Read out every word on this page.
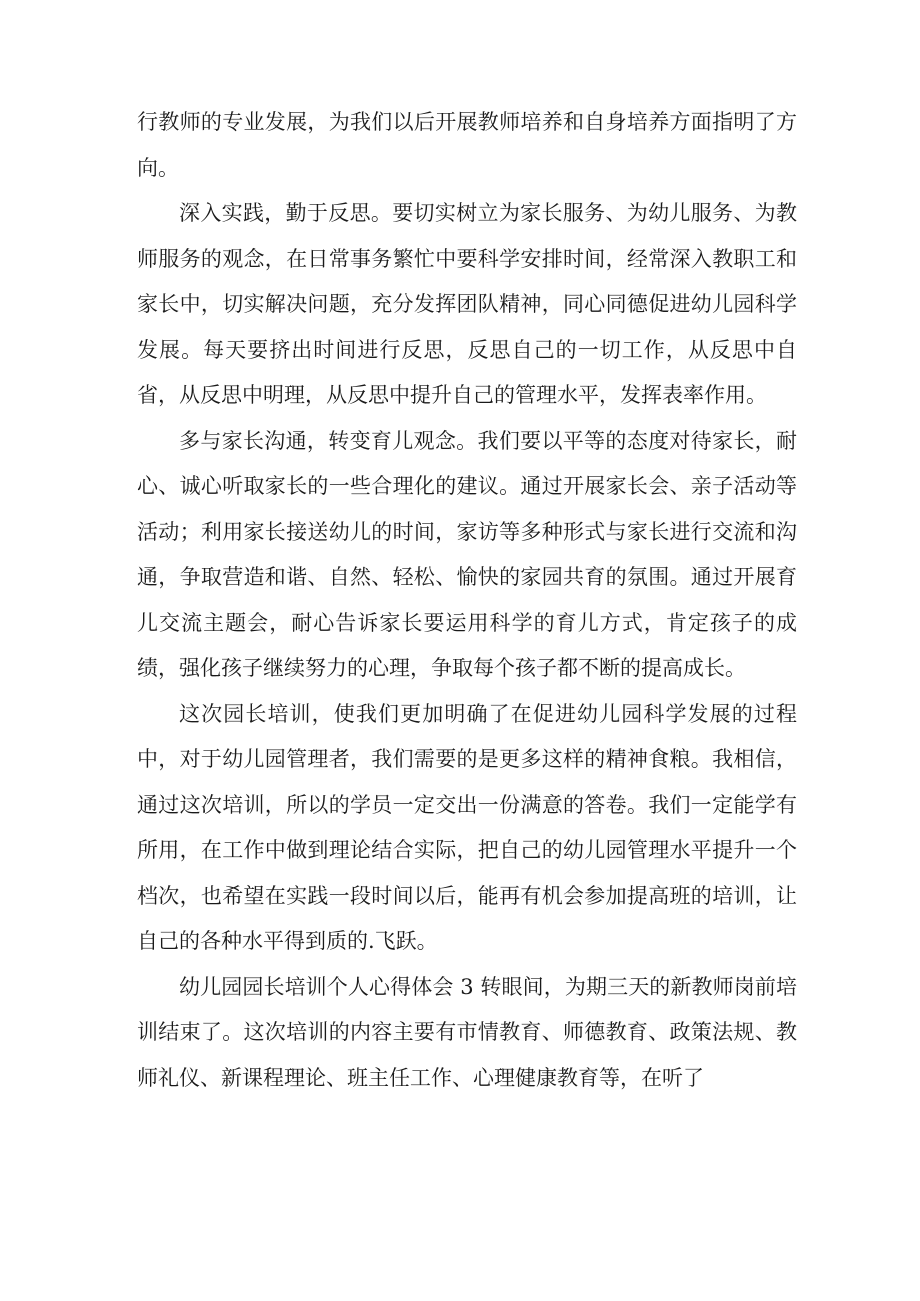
行教师的专业发展，为我们以后开展教师培养和自身培养方面指明了方向。

深入实践，勤于反思。要切实树立为家长服务、为幼儿服务、为教师服务的观念，在日常事务繁忙中要科学安排时间，经常深入教职工和家长中，切实解决问题，充分发挥团队精神，同心同德促进幼儿园科学发展。每天要挤出时间进行反思，反思自己的一切工作，从反思中自省，从反思中明理，从反思中提升自己的管理水平，发挥表率作用。

多与家长沟通，转变育儿观念。我们要以平等的态度对待家长，耐心、诚心听取家长的一些合理化的建议。通过开展家长会、亲子活动等活动；利用家长接送幼儿的时间，家访等多种形式与家长进行交流和沟通，争取营造和谐、自然、轻松、愉快的家园共育的氛围。通过开展育儿交流主题会，耐心告诉家长要运用科学的育儿方式，肯定孩子的成绩，强化孩子继续努力的心理，争取每个孩子都不断的提高成长。

这次园长培训，使我们更加明确了在促进幼儿园科学发展的过程中，对于幼儿园管理者，我们需要的是更多这样的精神食粮。我相信，通过这次培训，所以的学员一定交出一份满意的答卷。我们一定能学有所用，在工作中做到理论结合实际，把自己的幼儿园管理水平提升一个档次，也希望在实践一段时间以后，能再有机会参加提高班的培训，让自己的各种水平得到质的.飞跃。

幼儿园园长培训个人心得体会 3 转眼间，为期三天的新教师岗前培训结束了。这次培训的内容主要有市情教育、师德教育、政策法规、教师礼仪、新课程理论、班主任工作、心理健康教育等，在听了
